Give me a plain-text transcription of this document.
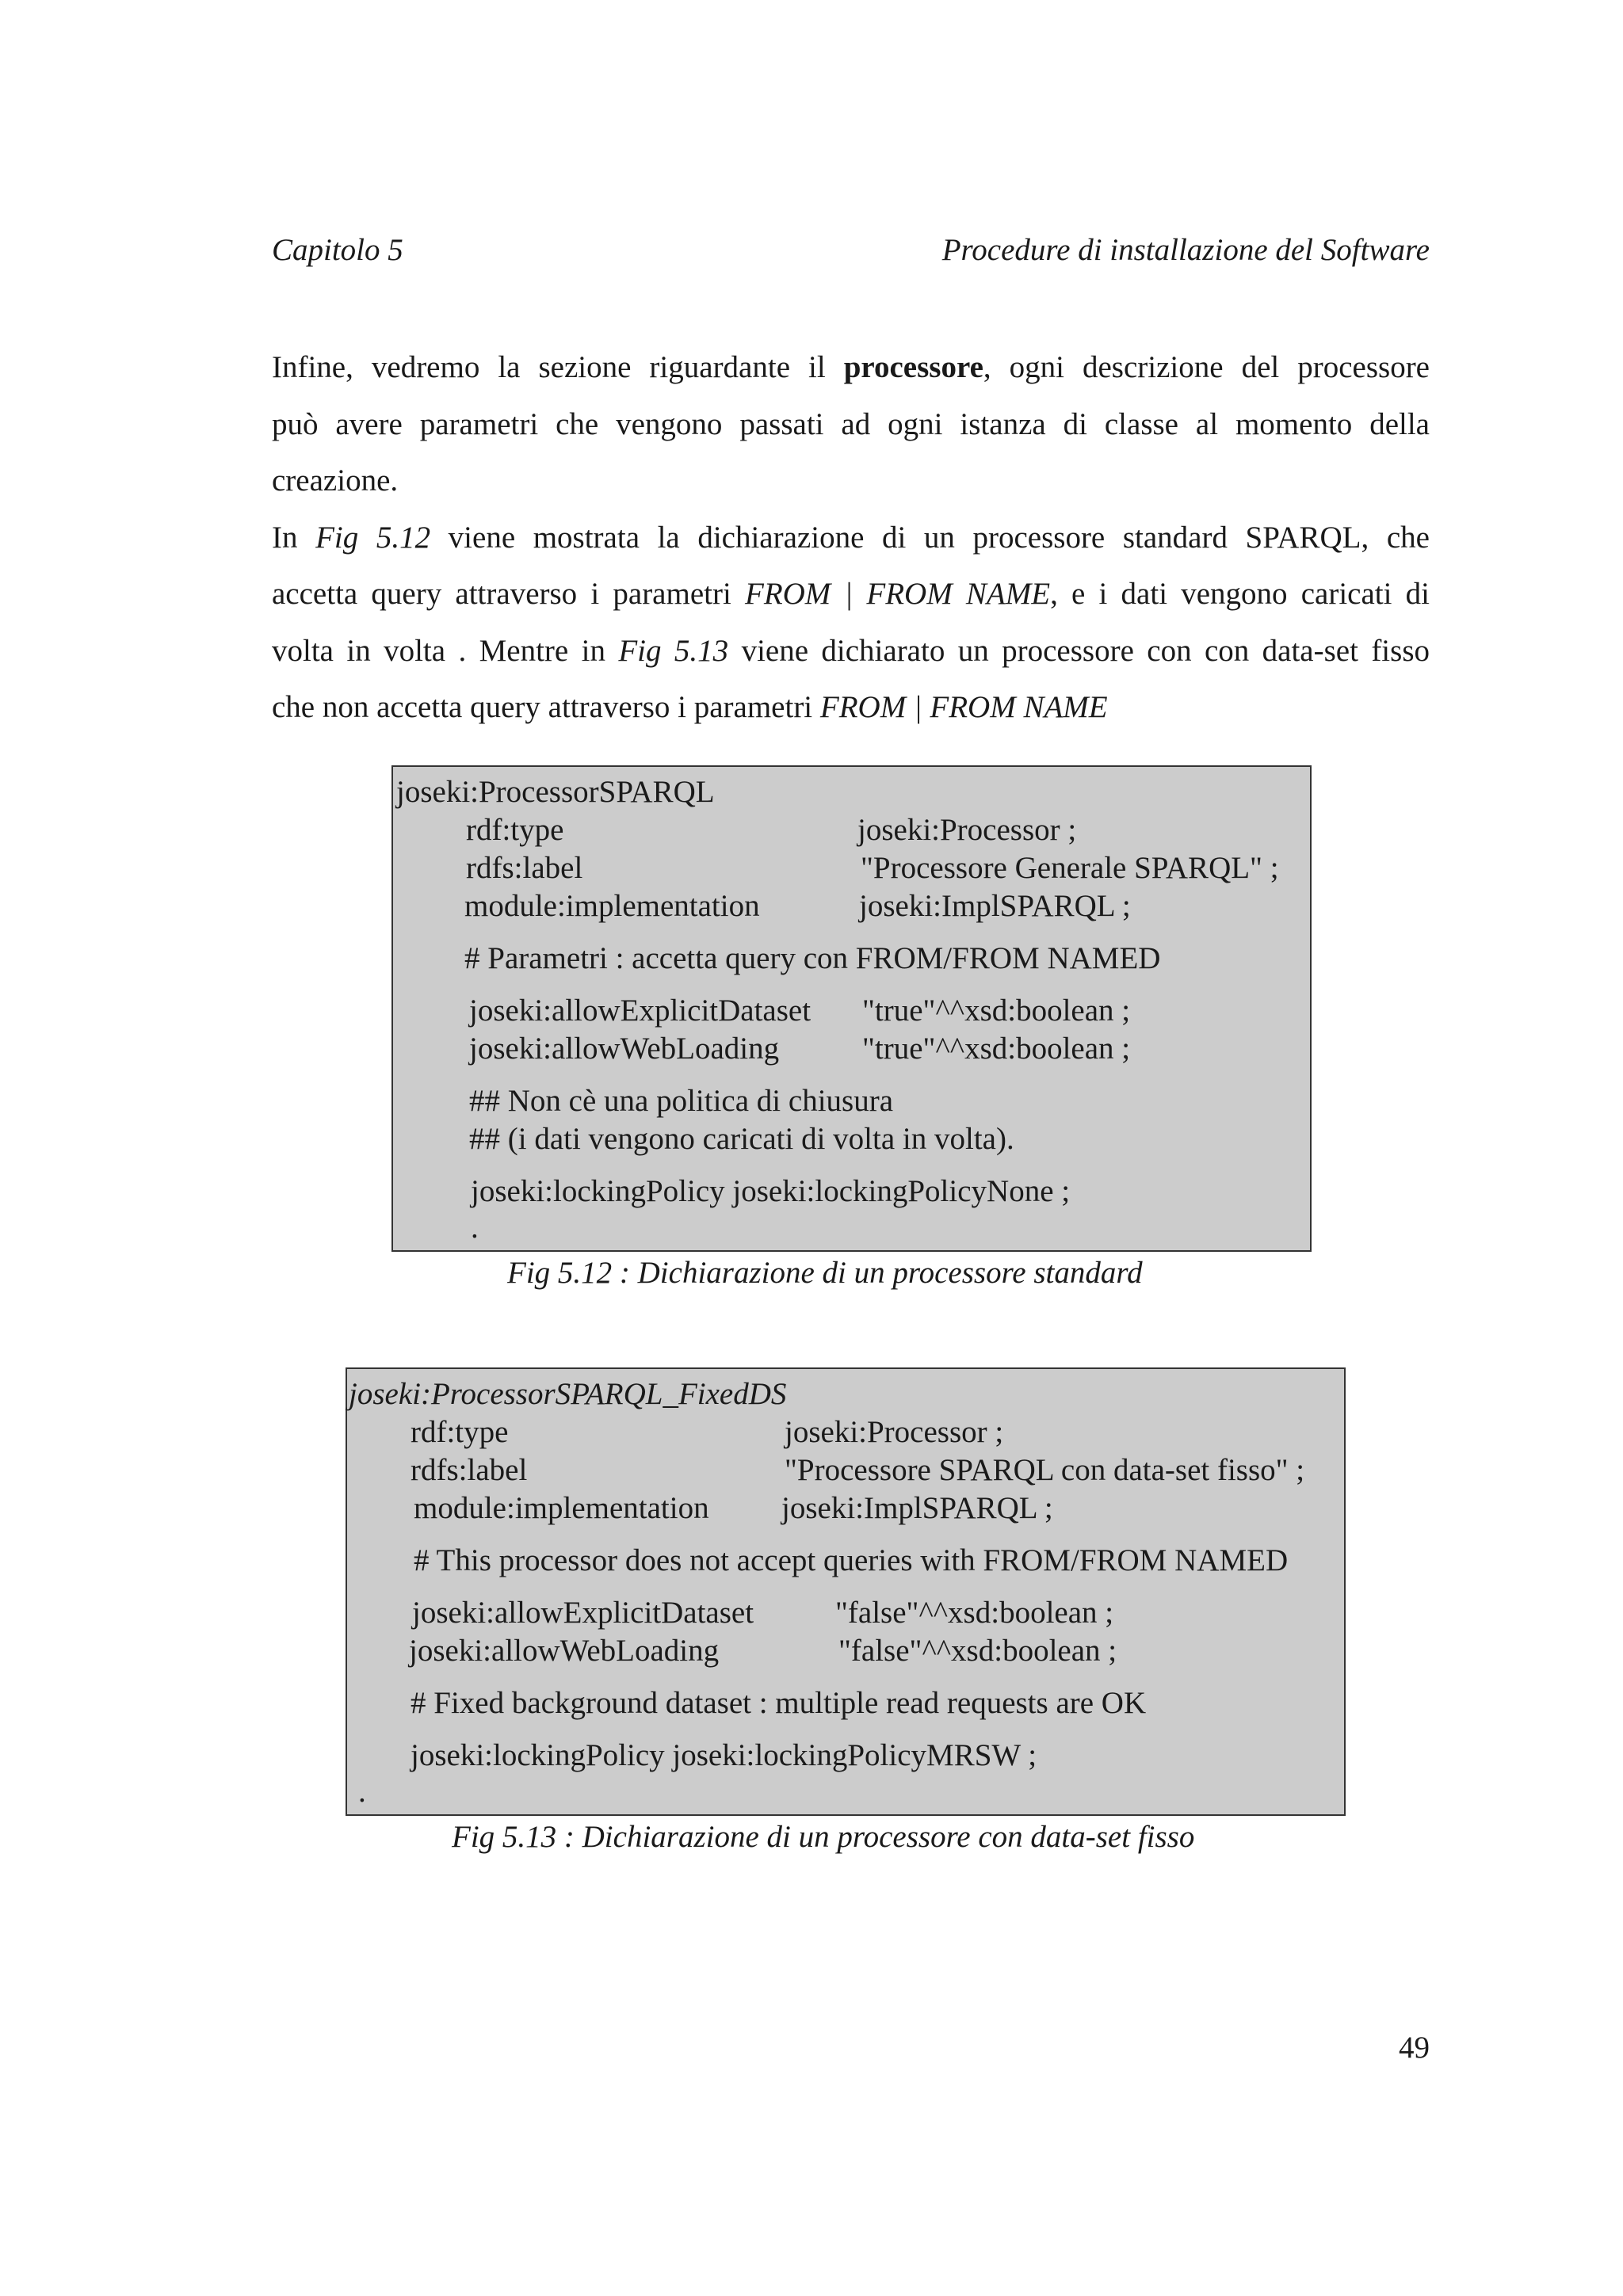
Capitolo 5	Procedure di installazione del Software

Infine, vedremo la sezione riguardante il processore, ogni descrizione del processore
può avere parametri che vengono passati ad ogni istanza di classe al momento della
creazione.

In Fig 5.12 viene mostrata la dichiarazione di un processore standard SPARQL, che
accetta query attraverso i parametri FROM | FROM NAME, e i dati vengono caricati di
volta in volta . Mentre in Fig 5.13 viene dichiarato un processore con con data-set fisso
che non accetta query attraverso i parametri FROM | FROM NAME

joseki:ProcessorSPARQL
rdf:type	joseki:Processor ;
rdfs:label	"Processore Generale SPARQL" ;
module:implementation	joseki:ImplSPARQL ;
# Parametri : accetta query con FROM/FROM NAMED
joseki:allowExplicitDataset "true"^^xsd:boolean ;
joseki:allowWebLoading	"true"^^xsd:boolean ;
## Non cè una politica di chiusura
## (i dati vengono caricati di volta in volta).
joseki:lockingPolicy joseki:lockingPolicyNone ;
.
Fig 5.12 : Dichiarazione di un processore standard
joseki:ProcessorSPARQL_FixedDS
rdf:type	joseki:Processor ;
rdfs:label	"Processore SPARQL con data-set fisso" ;
module:implementation joseki:ImplSPARQL ;
# This processor does not accept queries with FROM/FROM NAMED
joseki:allowExplicitDataset	"false"^^xsd:boolean ;
joseki:allowWebLoading	"false"^^xsd:boolean ;
# Fixed background dataset : multiple read requests are OK
joseki:lockingPolicy joseki:lockingPolicyMRSW ;
.
Fig 5.13 : Dichiarazione di un processore con data-set fisso
49
